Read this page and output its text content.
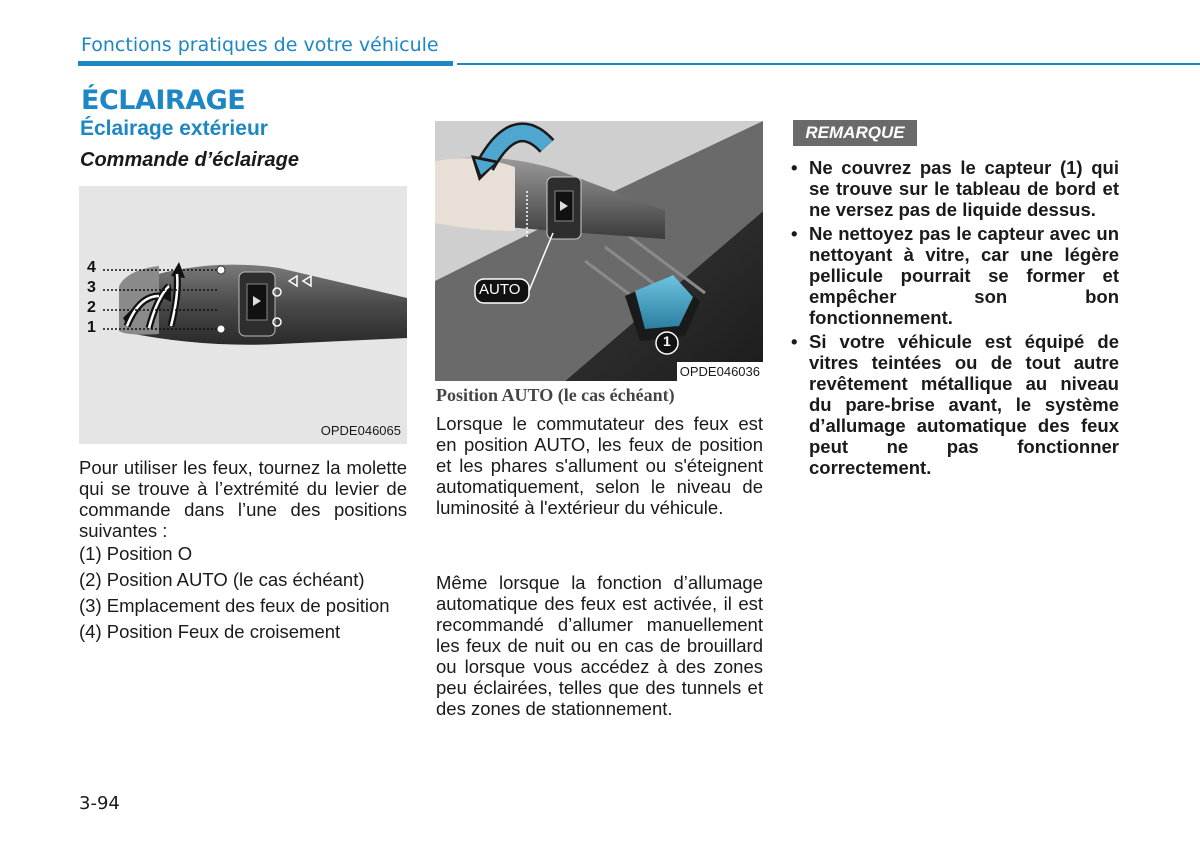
Fonctions pratiques de votre véhicule
ÉCLAIRAGE
Éclairage extérieur
Commande d’éclairage
4
3
2
1
OPDE046065
AUTO
1
OPDE046036

Pour utiliser les feux, tournez la molette qui se trouve à l’extrémité du levier de commande dans l’une des positions suivantes :

(1) Position O
(2) Position AUTO (le cas échéant)
(3) Emplacement des feux de position
(4) Position Feux de croisement
Position AUTO (le cas échéant)

Lorsque le commutateur des feux est en position AUTO, les feux de position et les phares s'allument ou s'éteignent automatiquement, selon le niveau de luminosité à l'extérieur du véhicule.

Même lorsque la fonction d’allumage automatique des feux est activée, il est recommandé d’allumer manuellement les feux de nuit ou en cas de brouillard ou lorsque vous accédez à des zones peu éclairées, telles que des tunnels et des zones de stationnement.

REMARQUE
• Ne couvrez pas le capteur (1) qui se trouve sur le tableau de bord et ne versez pas de liquide dessus.
• Ne nettoyez pas le capteur avec un nettoyant à vitre, car une légère pellicule pourrait se former et empêcher son bon fonctionnement.
• Si votre véhicule est équipé de vitres teintées ou de tout autre revêtement métallique au niveau du pare-brise avant, le système d’allumage automatique des feux peut ne pas fonctionner correctement.
3-94
